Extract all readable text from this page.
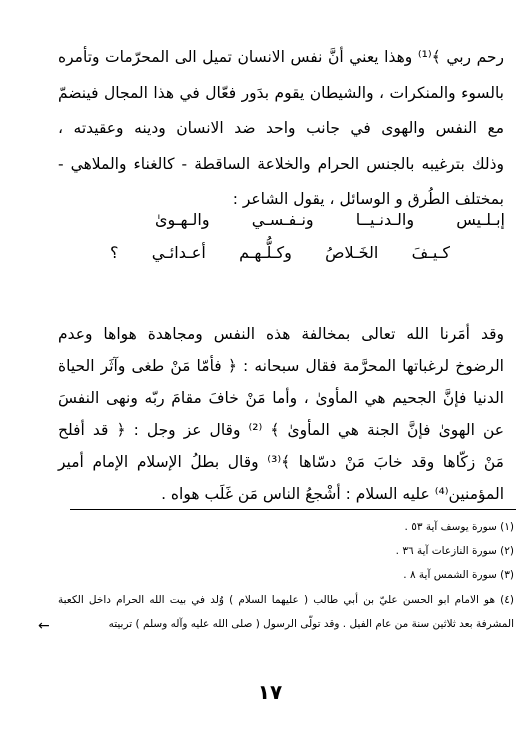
رحم ربي ﴾⁽¹⁾ وهذا يعني أنَّ نفس الانسان تميل الى المحرّمات وتأمره
بالسوء والمنكرات ، والشيطان يقوم بدَور فعّال في هذا المجال فينضمّ
مع النفس والهوى في جانب واحد ضد الانسان ودينه وعقيدته ،
وذلك بترغيبه بالجنس الحرام والخلاعة الساقطة - كالغناء والملاهي -
بمختلف الطُرق و الوسائل ، يقول الشاعر :
إبـلـيس والـدنـيــا ونـفـسـي والـهـوىٰ
كـيـفَ الخَـلاصُ وكـلُّـهـم أعـدائـي ؟
وقد أمَرنا الله تعالى بمخالفة هذه النفس ومجاهدة هواها وعدم
الرضوخ لرغباتها المحرَّمة فقال سبحانه : ﴿ فأمّا مَنْ طغى وآثَر الحياة
الدنيا فإنَّ الجحيم هي المأوىٰ ، وأما مَنْ خافَ مقامَ ربّه ونهى النفسَ
عن الهوىٰ فإنَّ الجنة هي المأوىٰ ﴾ ⁽²⁾ وقال عز وجل : ﴿ قد أفلح
مَنْ زكّاها وقد خابَ مَنْ دسّاها ﴾⁽³⁾ وقال بطلُ الإسلام الإمام أمير
المؤمنين⁽⁴⁾ عليه السلام : أشْجعُ الناس مَن غَلَب هواه .
(١) سورة يوسف آية ٥٣ .
(٢) سورة النازعات آية ٣٦ .
(٣) سورة الشمس آية ٨ .
(٤) هو الامام ابو الحسن عليّ بن أبي طالب ( عليهما السلام ) وُلد في بيت الله الحرام داخل الكعبة
المشرفة بعد ثلاثين سنة من عام الفيل . وقد تولّى الرسول ( صلى الله عليه وآله وسلم ) تربيته
←
١٧
